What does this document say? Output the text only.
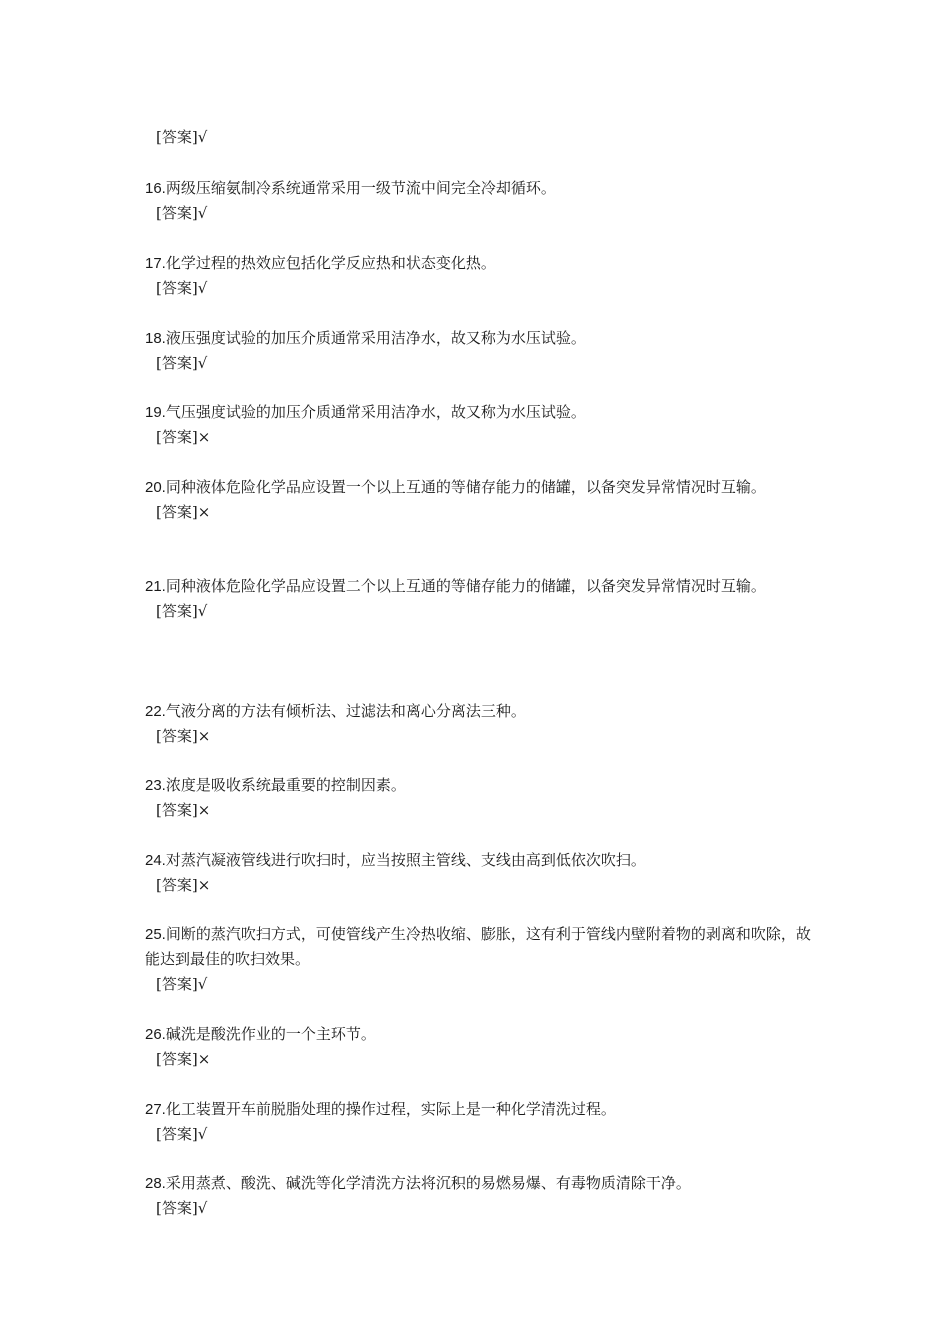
[答案]√

16.两级压缩氨制冷系统通常采用一级节流中间完全冷却循环。

[答案]√

17.化学过程的热效应包括化学反应热和状态变化热。

[答案]√

18.液压强度试验的加压介质通常采用洁净水，故又称为水压试验。

[答案]√

19.气压强度试验的加压介质通常采用洁净水，故又称为水压试验。

[答案]×

20.同种液体危险化学品应设置一个以上互通的等储存能力的储罐，以备突发异常情况时互输。

[答案]×

21.同种液体危险化学品应设置二个以上互通的等储存能力的储罐，以备突发异常情况时互输。

[答案]√

22.气液分离的方法有倾析法、过滤法和离心分离法三种。

[答案]×

23.浓度是吸收系统最重要的控制因素。

[答案]×

24.对蒸汽凝液管线进行吹扫时，应当按照主管线、支线由高到低依次吹扫。

[答案]×

25.间断的蒸汽吹扫方式，可使管线产生冷热收缩、膨胀，这有利于管线内壁附着物的剥离和吹除，故能达到最佳的吹扫效果。

[答案]√

26.碱洗是酸洗作业的一个主环节。

[答案]×

27.化工装置开车前脱脂处理的操作过程，实际上是一种化学清洗过程。

[答案]√

28.采用蒸煮、酸洗、碱洗等化学清洗方法将沉积的易燃易爆、有毒物质清除干净。

[答案]√
